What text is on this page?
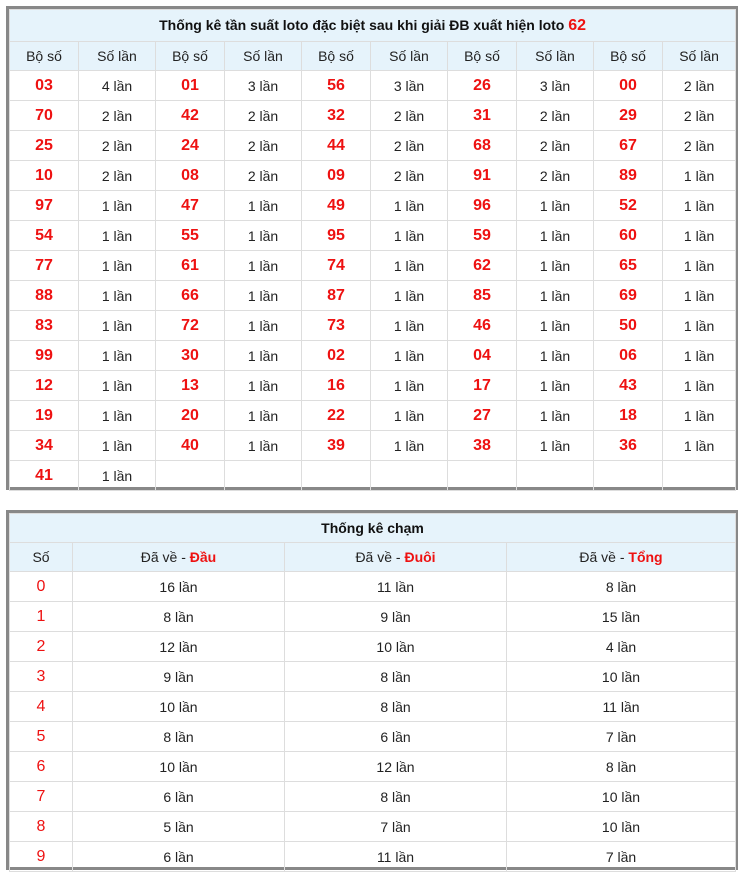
Thống kê tần suất loto đặc biệt sau khi giải ĐB xuất hiện loto 62									
Bộ số	Số lần	Bộ số	Số lần	Bộ số	Số lần	Bộ số	Số lần	Bộ số	Số lần
03	4 lần	01	3 lần	56	3 lần	26	3 lần	00	2 lần
70	2 lần	42	2 lần	32	2 lần	31	2 lần	29	2 lần
25	2 lần	24	2 lần	44	2 lần	68	2 lần	67	2 lần
10	2 lần	08	2 lần	09	2 lần	91	2 lần	89	1 lần
97	1 lần	47	1 lần	49	1 lần	96	1 lần	52	1 lần
54	1 lần	55	1 lần	95	1 lần	59	1 lần	60	1 lần
77	1 lần	61	1 lần	74	1 lần	62	1 lần	65	1 lần
88	1 lần	66	1 lần	87	1 lần	85	1 lần	69	1 lần
83	1 lần	72	1 lần	73	1 lần	46	1 lần	50	1 lần
99	1 lần	30	1 lần	02	1 lần	04	1 lần	06	1 lần
12	1 lần	13	1 lần	16	1 lần	17	1 lần	43	1 lần
19	1 lần	20	1 lần	22	1 lần	27	1 lần	18	1 lần
34	1 lần	40	1 lần	39	1 lần	38	1 lần	36	1 lần
41	1 lần								
Thống kê chạm			
Số	Đã về - Đầu	Đã về - Đuôi	Đã về - Tổng
0	16 lần	11 lần	8 lần
1	8 lần	9 lần	15 lần
2	12 lần	10 lần	4 lần
3	9 lần	8 lần	10 lần
4	10 lần	8 lần	11 lần
5	8 lần	6 lần	7 lần
6	10 lần	12 lần	8 lần
7	6 lần	8 lần	10 lần
8	5 lần	7 lần	10 lần
9	6 lần	11 lần	7 lần
